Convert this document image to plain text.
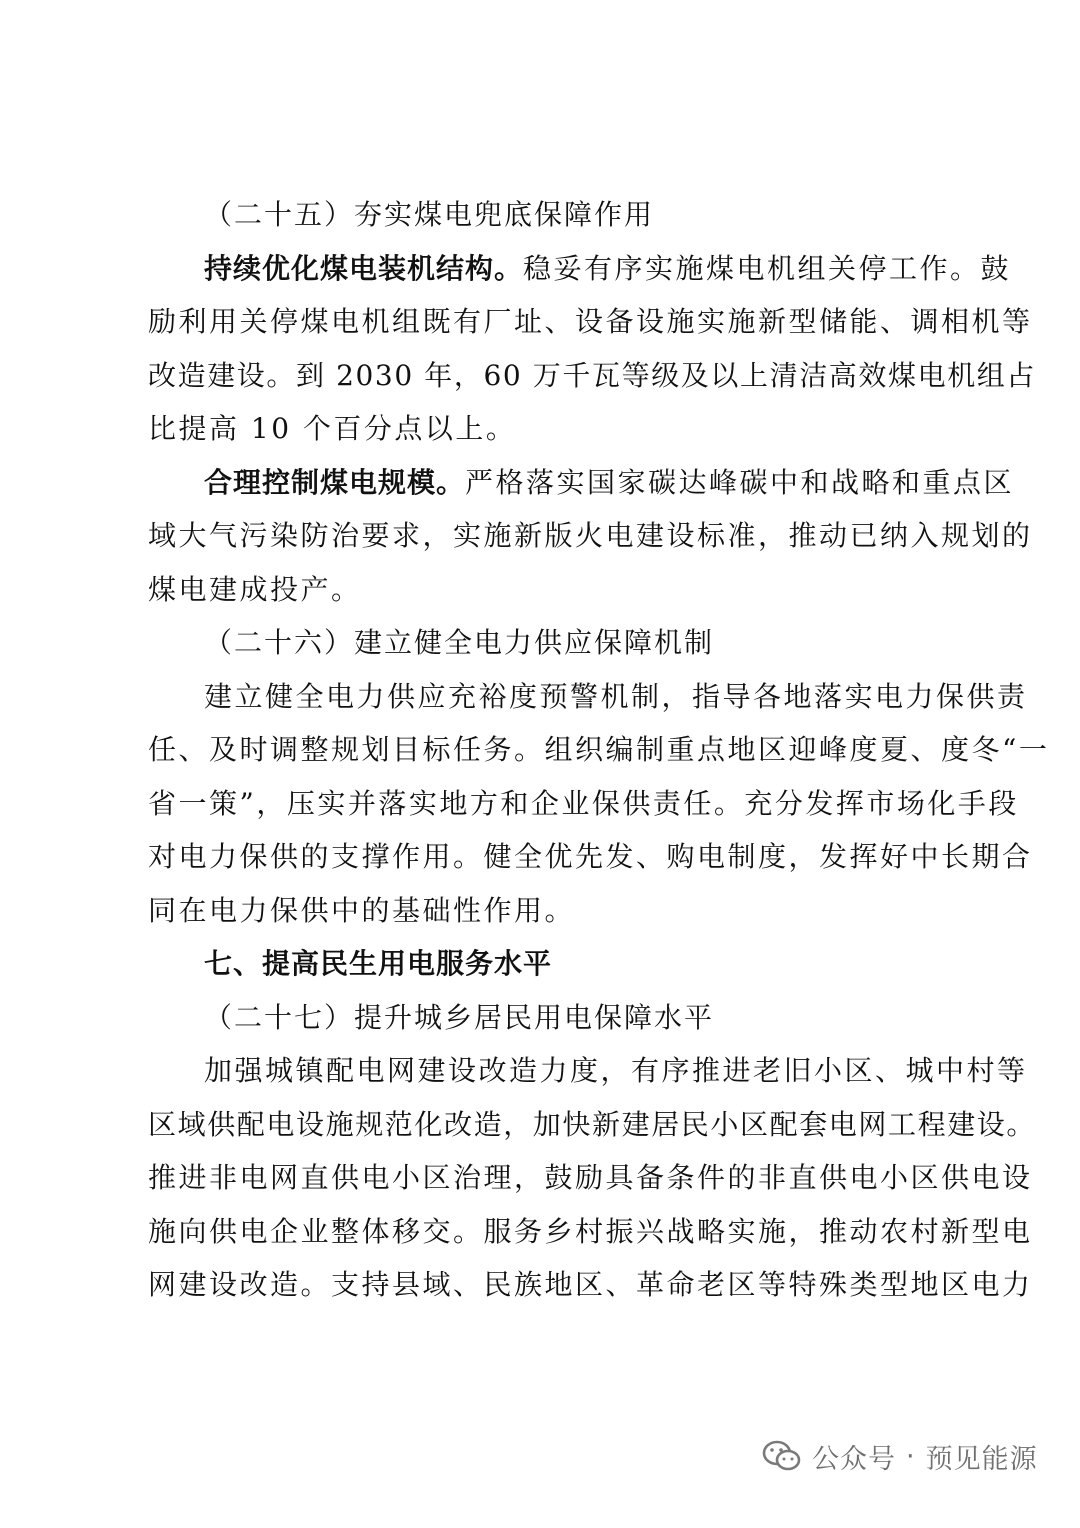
（二十五）夯实煤电兜底保障作用
持续优化煤电装机结构。稳妥有序实施煤电机组关停工作。鼓
励利用关停煤电机组既有厂址、设备设施实施新型储能、调相机等
改造建设。到 2030 年，60 万千瓦等级及以上清洁高效煤电机组占
比提高 10 个百分点以上。
合理控制煤电规模。严格落实国家碳达峰碳中和战略和重点区
域大气污染防治要求，实施新版火电建设标准，推动已纳入规划的
煤电建成投产。
（二十六）建立健全电力供应保障机制
建立健全电力供应充裕度预警机制，指导各地落实电力保供责
任、及时调整规划目标任务。组织编制重点地区迎峰度夏、度冬“一
省一策”，压实并落实地方和企业保供责任。充分发挥市场化手段
对电力保供的支撑作用。健全优先发、购电制度，发挥好中长期合
同在电力保供中的基础性作用。
七、提高民生用电服务水平
（二十七）提升城乡居民用电保障水平
加强城镇配电网建设改造力度，有序推进老旧小区、城中村等
区域供配电设施规范化改造，加快新建居民小区配套电网工程建设。
推进非电网直供电小区治理，鼓励具备条件的非直供电小区供电设
施向供电企业整体移交。服务乡村振兴战略实施，推动农村新型电
网建设改造。支持县域、民族地区、革命老区等特殊类型地区电力
公众号 · 预见能源
